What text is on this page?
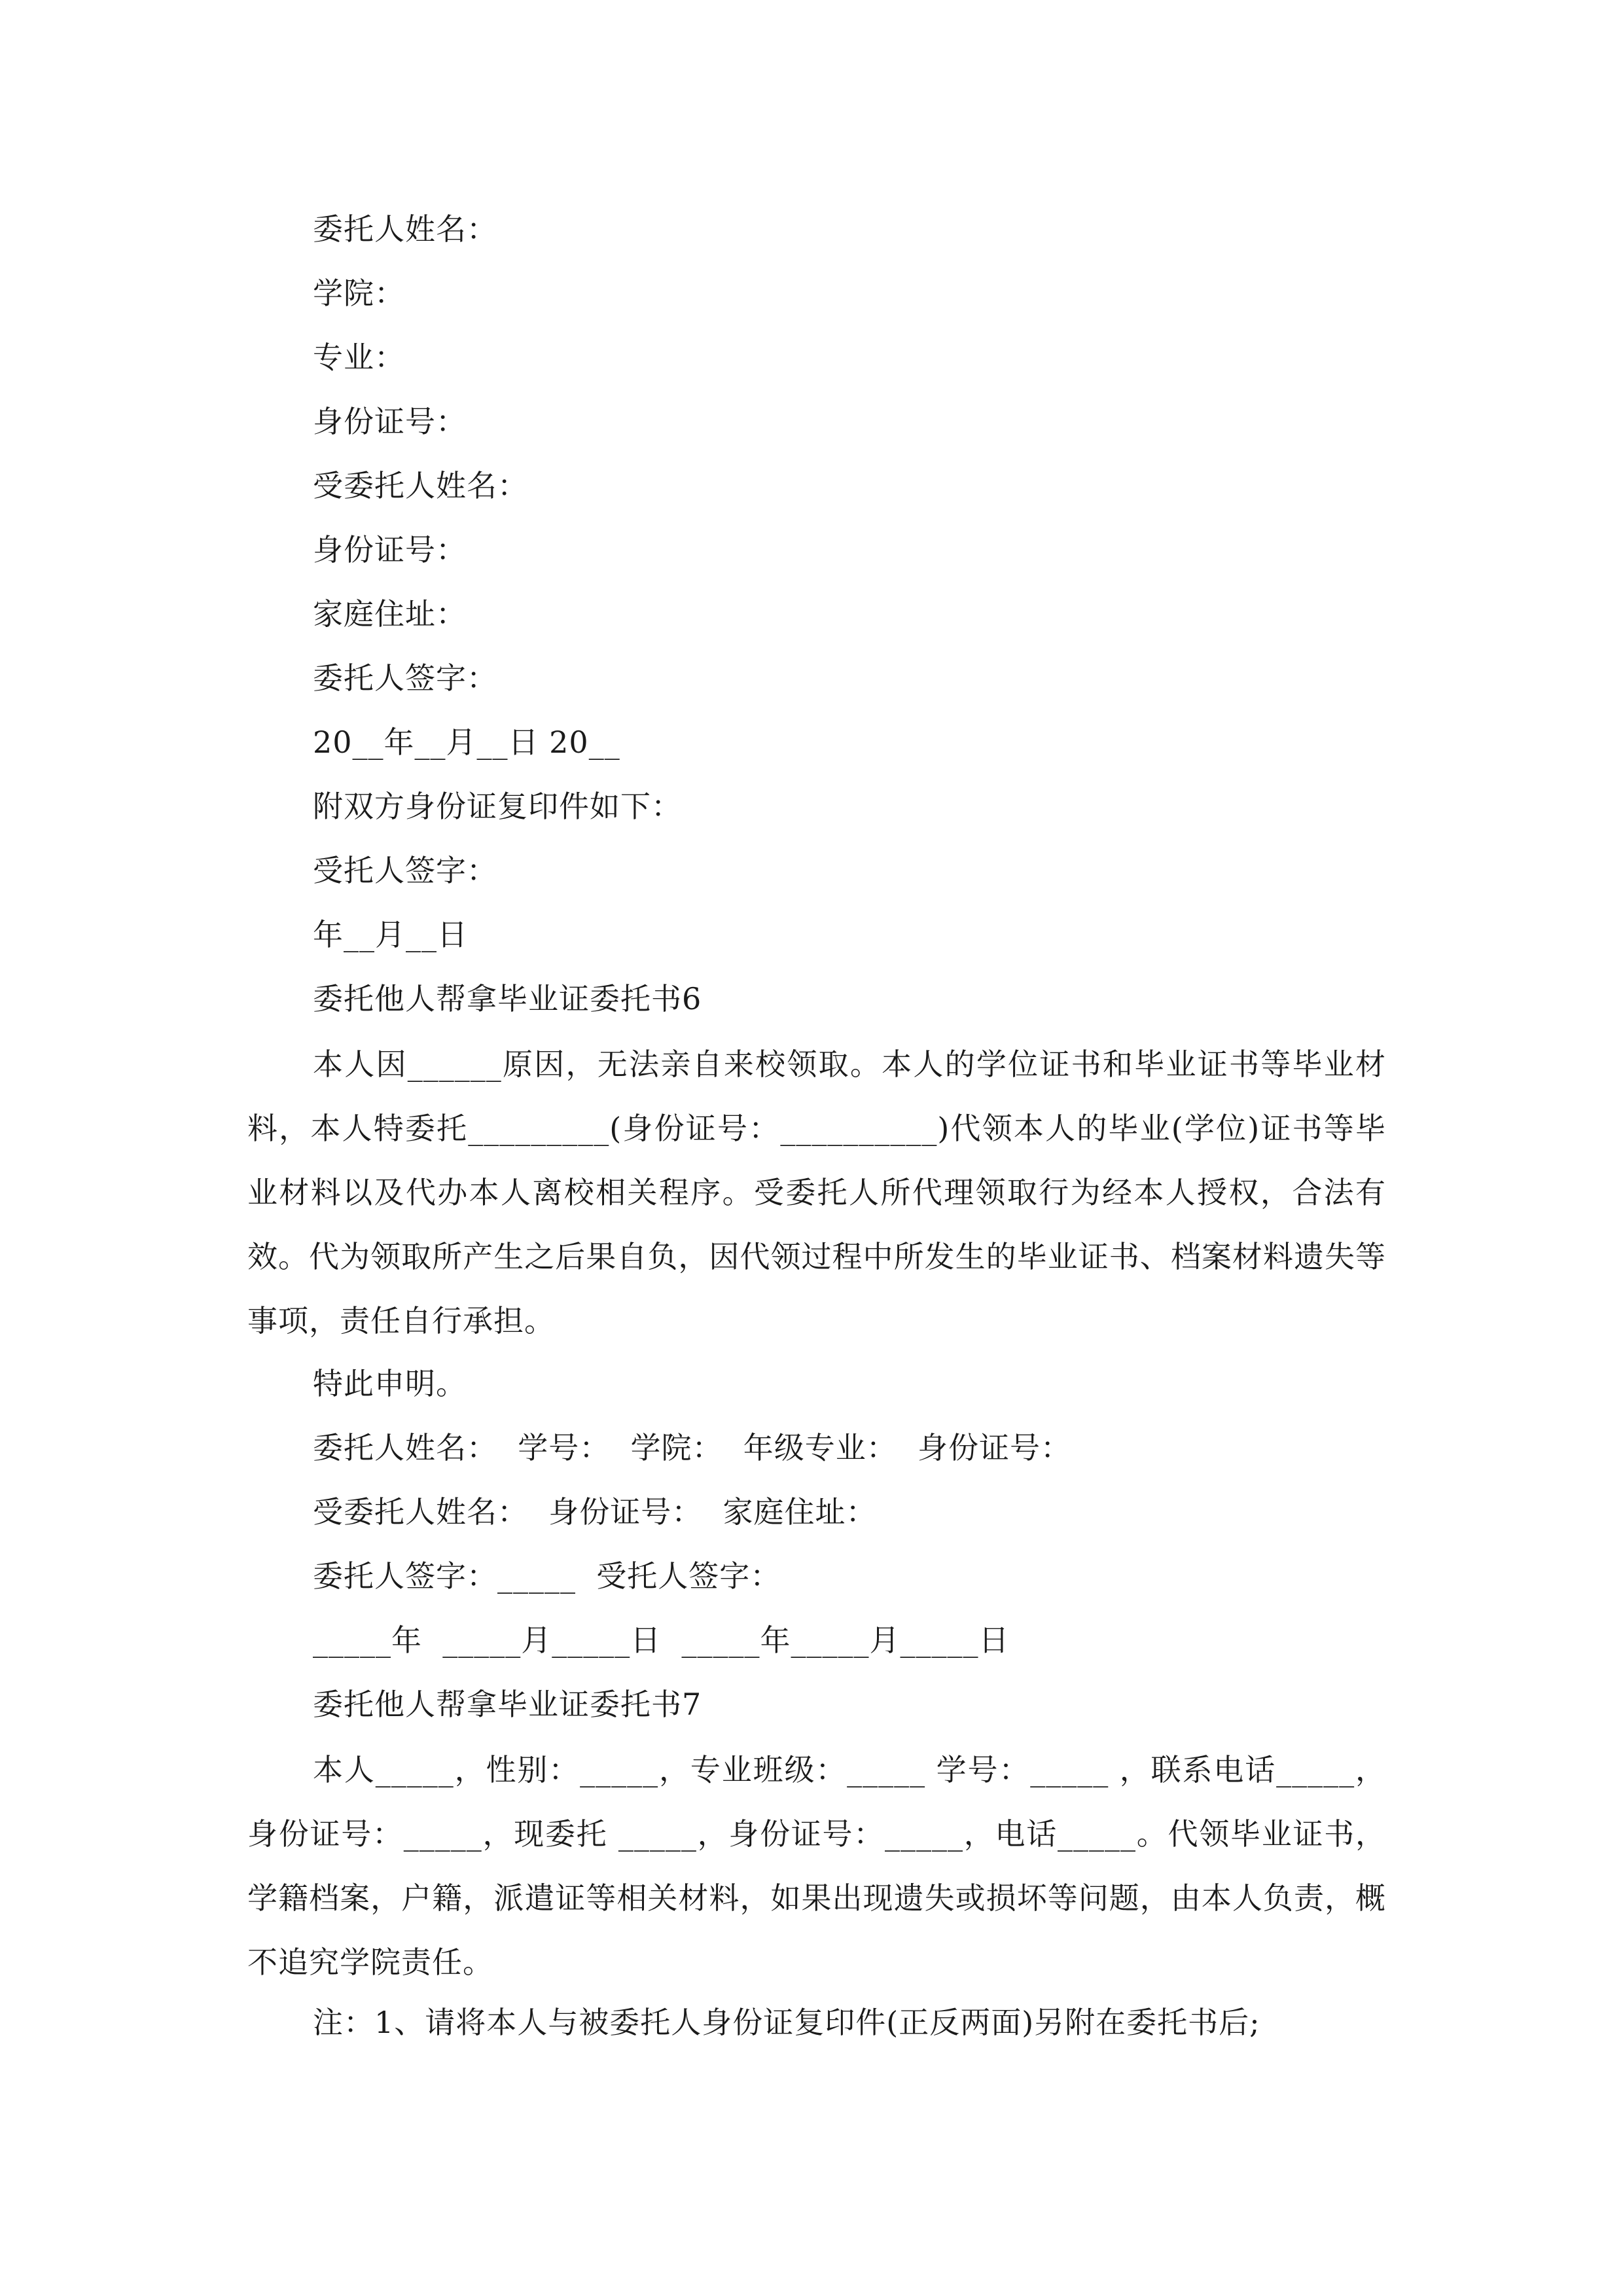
委托人姓名：
学院：
专业：
身份证号：
受委托人姓名：
身份证号：
家庭住址：
委托人签字：
20__年__月__日 20__
附双方身份证复印件如下：
受托人签字：
年__月__日
委托他人帮拿毕业证委托书6

本人因______原因，无法亲自来校领取。本人的学位证书和毕业证书等毕业材料，本人特委托_________(身份证号：__________)代领本人的毕业(学位)证书等毕业材料以及代办本人离校相关程序。受委托人所代理领取行为经本人授权，合法有效。代为领取所产生之后果自负，因代领过程中所发生的毕业证书、档案材料遗失等事项，责任自行承担。

特此申明。
委托人姓名：  学号：  学院：  年级专业：  身份证号：
受委托人姓名：  身份证号：  家庭住址：
委托人签字：_____  受托人签字：
_____年  _____月_____日  _____年_____月_____日
委托他人帮拿毕业证委托书7

本人_____，性别：_____，专业班级：_____ 学号：_____ ，联系电话_____，身份证号：_____，现委托 _____，身份证号：_____，电话_____。代领毕业证书，学籍档案，户籍，派遣证等相关材料，如果出现遗失或损坏等问题，由本人负责，概不追究学院责任。

注：1、请将本人与被委托人身份证复印件(正反两面)另附在委托书后;
